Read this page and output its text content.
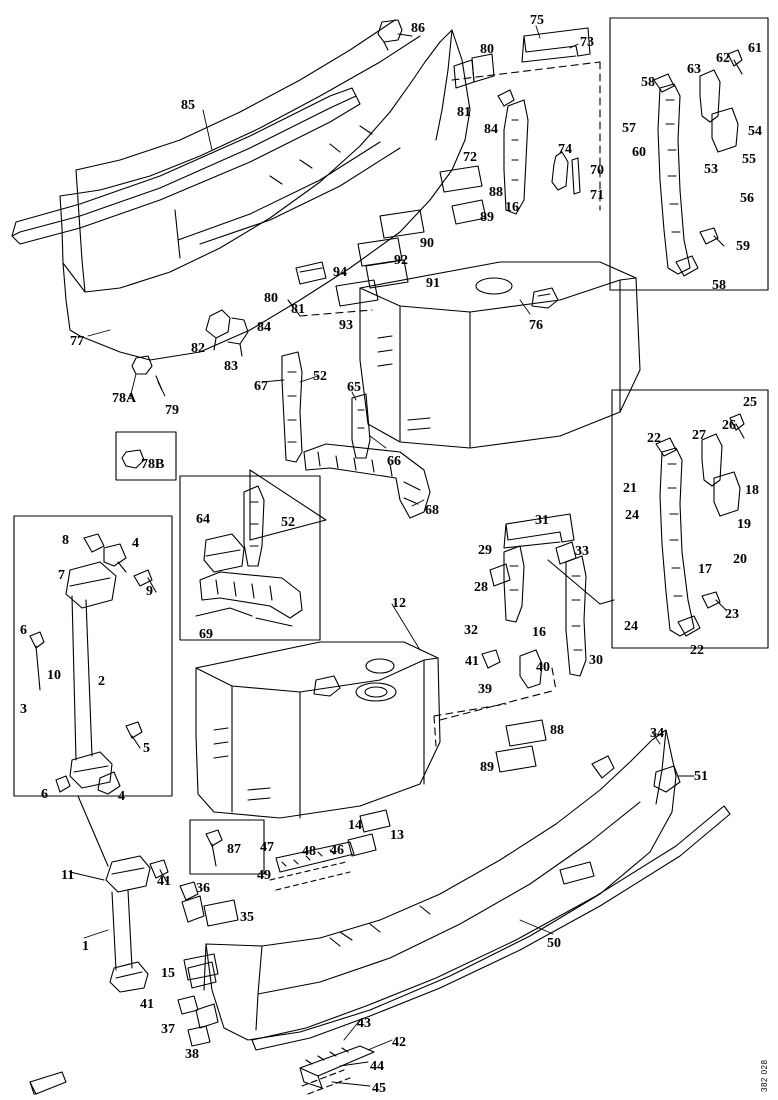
86
75
73
80	61
62
63
58
81
84
85
57	54
60	55
53
56
74
72
70
71
88
16
89
90	59
92
91	58
94
80
81
77
84	93
82
83
78A
79
67
52
76
65
25
26
27
22
66
78B
21	18
24
19
20
17
64	52
68
31
29	33
28
12
32	16
30
23
24
22
69
41	40
39
8	4
7
9
6
10	2
3
5
6	4
88	34
89
51
13
14
87 47 48 46
49
11	41 36
35
1	50
15
41
37
38
43
42
44
45	382 028
